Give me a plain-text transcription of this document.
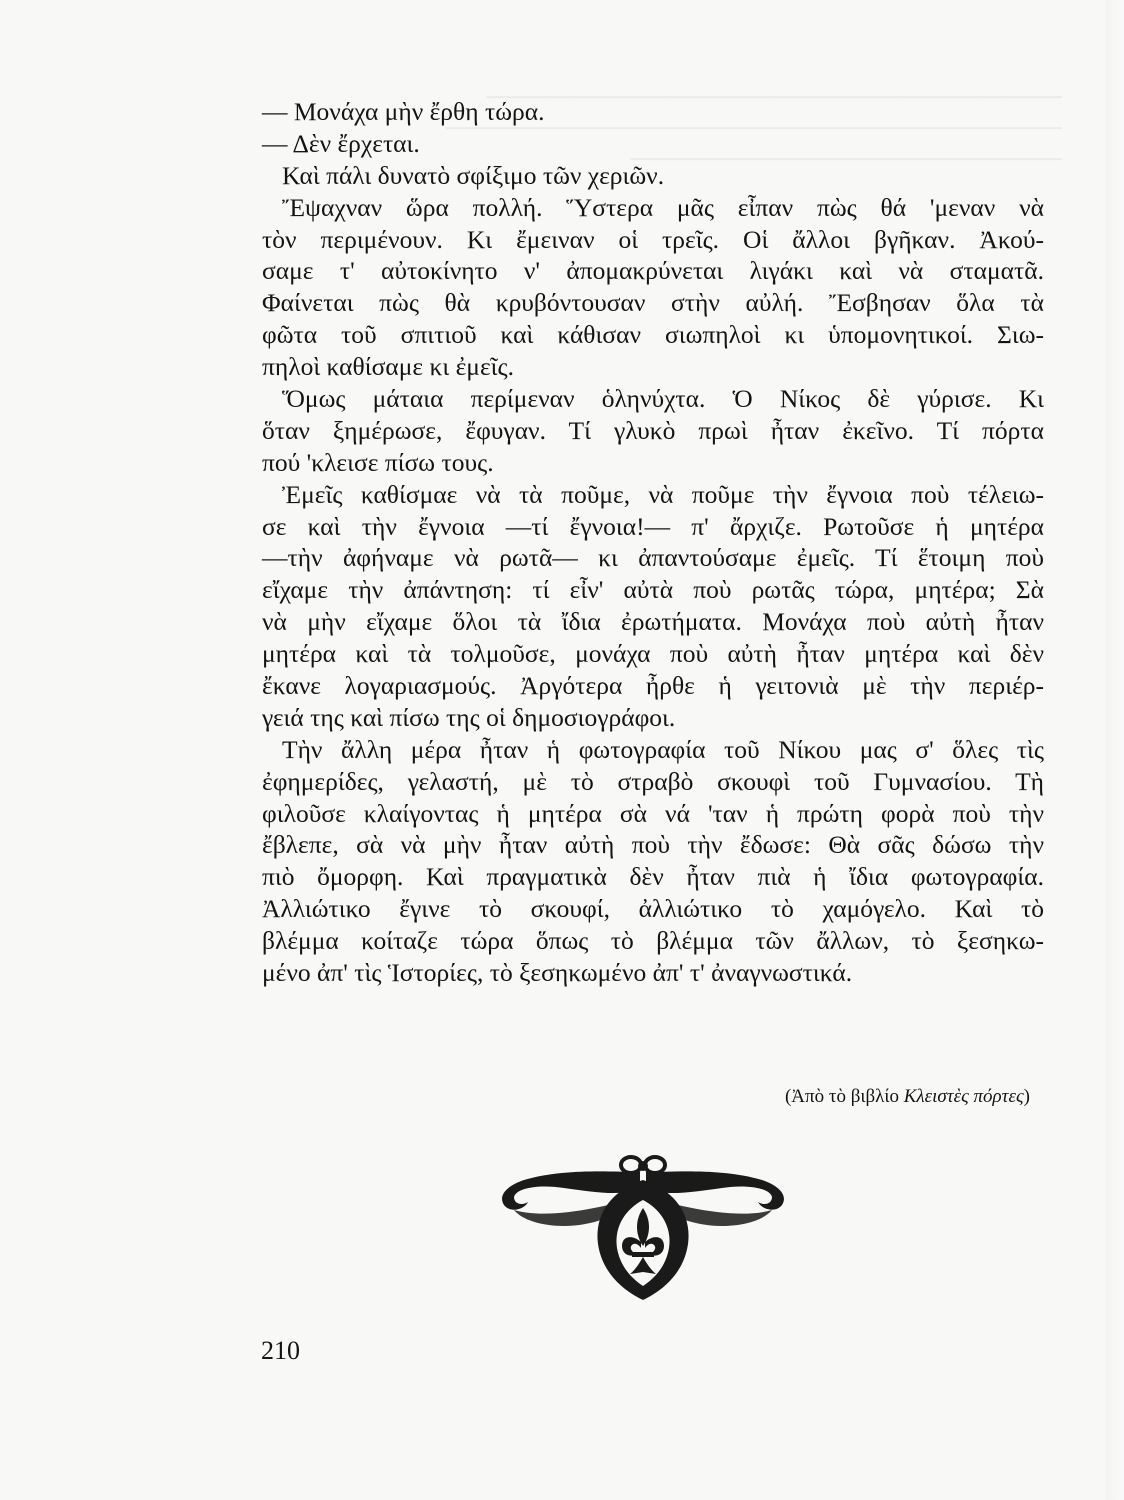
────────────────────────────
──────────────────────────────
─────────────────────
— Μονάχα μὴν ἔρθη τώρα.
— Δὲν ἔρχεται.
Καὶ πάλι δυνατὸ σφίξιμο τῶν χεριῶν.
Ἔψαχναν ὥρα πολλή. Ὕστερα μᾶς εἶπαν πὼς θά 'μεναν νὰ
τὸν περιμένουν. Κι ἔμειναν οἱ τρεῖς. Οἱ ἄλλοι βγῆκαν. Ἀκού-
σαμε τ' αὐτοκίνητο ν' ἀπομακρύνεται λιγάκι καὶ νὰ σταματᾶ.
Φαίνεται πὼς θὰ κρυβόντουσαν στὴν αὐλή. Ἔσβησαν ὅλα τὰ
φῶτα τοῦ σπιτιοῦ καὶ κάθισαν σιωπηλοὶ κι ὑπομονητικοί. Σιω-
πηλοὶ καθίσαμε κι ἐμεῖς.
Ὅμως μάταια περίμεναν ὁληνύχτα. Ὁ Νίκος δὲ γύρισε. Κι
ὅταν ξημέρωσε, ἔφυγαν. Τί γλυκὸ πρωὶ ἦταν ἐκεῖνο. Τί πόρτα
πού 'κλεισε πίσω τους.
Ἐμεῖς καθίσμαε νὰ τὰ ποῦμε, νὰ ποῦμε τὴν ἔγνοια ποὺ τέλειω-
σε καὶ τὴν ἔγνοια —τί ἔγνοια!— π' ἄρχιζε. Ρωτοῦσε ἡ μητέρα
—τὴν ἀφήναμε νὰ ρωτᾶ— κι ἀπαντούσαμε ἐμεῖς. Τί ἕτοιμη ποὺ
εἴχαμε τὴν ἀπάντηση: τί εἶν' αὐτὰ ποὺ ρωτᾶς τώρα, μητέρα; Σὰ
νὰ μὴν εἴχαμε ὅλοι τὰ ἴδια ἐρωτήματα. Μονάχα ποὺ αὐτὴ ἦταν
μητέρα καὶ τὰ τολμοῦσε, μονάχα ποὺ αὐτὴ ἦταν μητέρα καὶ δὲν
ἔκανε λογαριασμούς. Ἀργότερα ἦρθε ἡ γειτονιὰ μὲ τὴν περιέρ-
γειά της καὶ πίσω της οἱ δημοσιογράφοι.
Τὴν ἄλλη μέρα ἦταν ἡ φωτογραφία τοῦ Νίκου μας σ' ὅλες τὶς
ἐφημερίδες, γελαστή, μὲ τὸ στραβὸ σκουφὶ τοῦ Γυμνασίου. Τὴ
φιλοῦσε κλαίγοντας ἡ μητέρα σὰ νά 'ταν ἡ πρώτη φορὰ ποὺ τὴν
ἔβλεπε, σὰ νὰ μὴν ἦταν αὐτὴ ποὺ τὴν ἔδωσε: Θὰ σᾶς δώσω τὴν
πιὸ ὄμορφη. Καὶ πραγματικὰ δὲν ἦταν πιὰ ἡ ἴδια φωτογραφία.
Ἀλλιώτικο ἔγινε τὸ σκουφί, ἀλλιώτικο τὸ χαμόγελο. Καὶ τὸ
βλέμμα κοίταζε τώρα ὅπως τὸ βλέμμα τῶν ἄλλων, τὸ ξεσηκω-
μένο ἀπ' τὶς Ἱστορίες, τὸ ξεσηκωμένο ἀπ' τ' ἀναγνωστικά.
(Ἀπὸ τὸ βιβλίο Κλειστὲς πόρτες)
210
